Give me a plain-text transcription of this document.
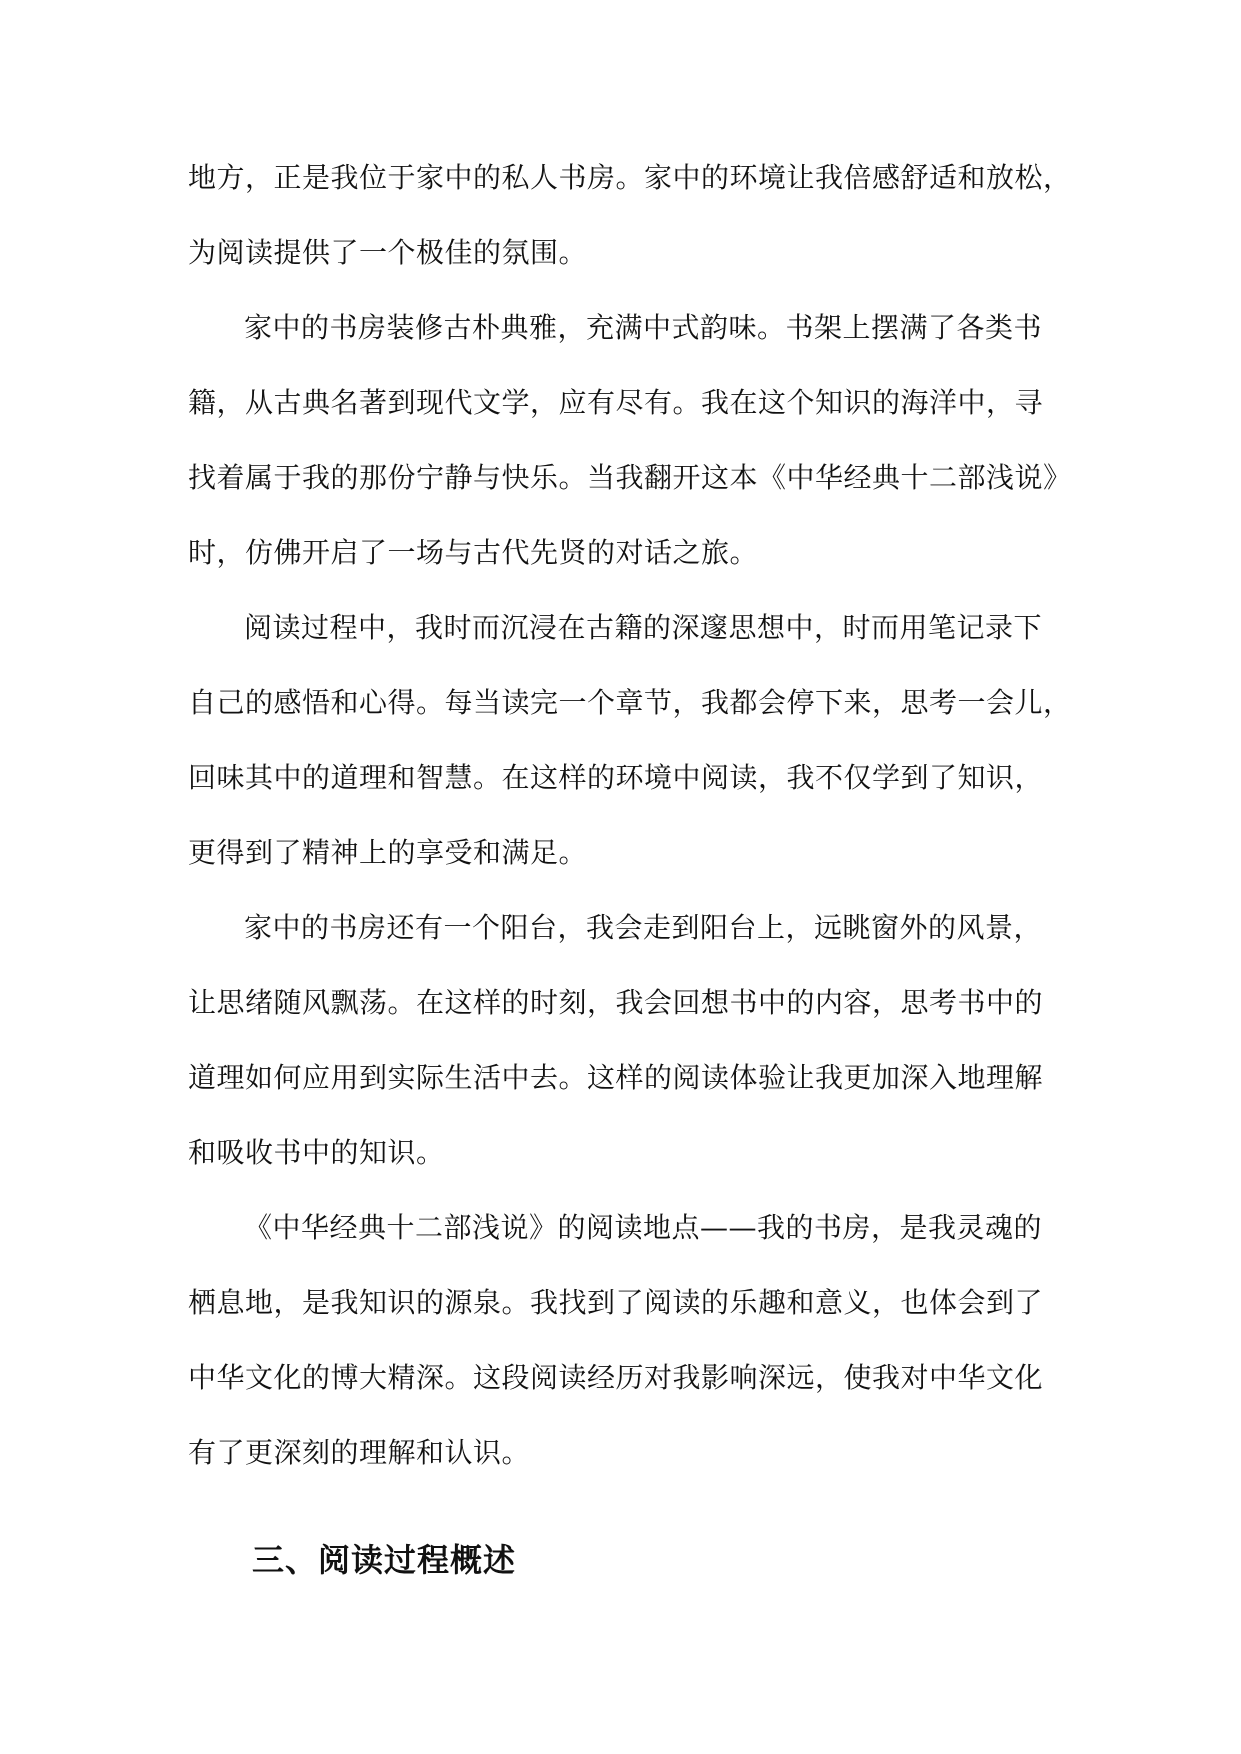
地方，正是我位于家中的私人书房。家中的环境让我倍感舒适和放松，
为阅读提供了一个极佳的氛围。

家中的书房装修古朴典雅，充满中式韵味。书架上摆满了各类书
籍，从古典名著到现代文学，应有尽有。我在这个知识的海洋中，寻
找着属于我的那份宁静与快乐。当我翻开这本《中华经典十二部浅说》
时，仿佛开启了一场与古代先贤的对话之旅。

阅读过程中，我时而沉浸在古籍的深邃思想中，时而用笔记录下
自己的感悟和心得。每当读完一个章节，我都会停下来，思考一会儿，
回味其中的道理和智慧。在这样的环境中阅读，我不仅学到了知识，
更得到了精神上的享受和满足。

家中的书房还有一个阳台，我会走到阳台上，远眺窗外的风景，
让思绪随风飘荡。在这样的时刻，我会回想书中的内容，思考书中的
道理如何应用到实际生活中去。这样的阅读体验让我更加深入地理解
和吸收书中的知识。

《中华经典十二部浅说》的阅读地点——我的书房，是我灵魂的
栖息地，是我知识的源泉。我找到了阅读的乐趣和意义，也体会到了
中华文化的博大精深。这段阅读经历对我影响深远，使我对中华文化
有了更深刻的理解和认识。

三、阅读过程概述
